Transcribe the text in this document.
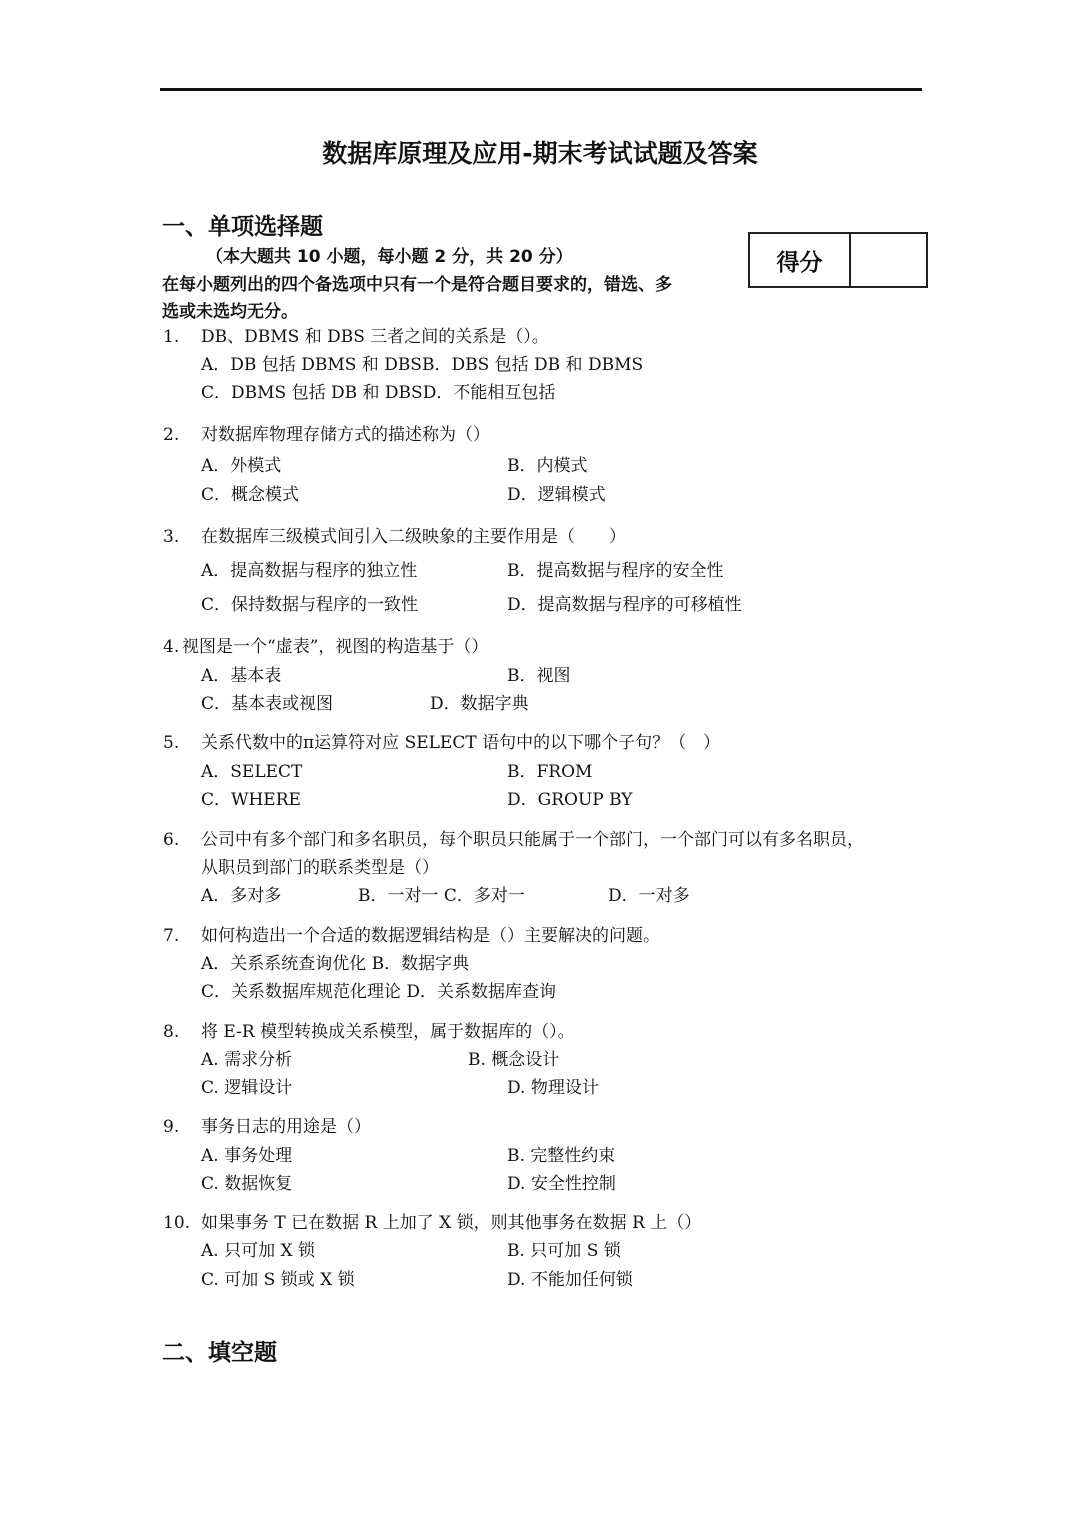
数据库原理及应用-期末考试试题及答案
一、单项选择题
（本大题共 10 小题，每小题 2 分，共 20 分）
在每小题列出的四个备选项中只有一个是符合题目要求的，错选、多
选或未选均无分。
得分
1. DB、DBMS 和 DBS 三者之间的关系是（）。
A．DB 包括 DBMS 和 DBSB．DBS 包括 DB 和 DBMS
C．DBMS 包括 DB 和 DBSD．不能相互包括
2. 对数据库物理存储方式的描述称为（）
A．外模式	B．内模式
C．概念模式	D．逻辑模式
3. 在数据库三级模式间引入二级映象的主要作用是（　　）
A．提高数据与程序的独立性	B．提高数据与程序的安全性
C．保持数据与程序的一致性	D．提高数据与程序的可移植性
4. 视图是一个“虚表”，视图的构造基于（）
A．基本表	B．视图
C．基本表或视图	D．数据字典
5. 关系代数中的π运算符对应 SELECT 语句中的以下哪个子句？（　）
A．SELECT	B．FROM
C．WHERE	D．GROUP BY
6. 公司中有多个部门和多名职员，每个职员只能属于一个部门，一个部门可以有多名职员，
从职员到部门的联系类型是（）
A．多对多	B．一对一 C．多对一	D．一对多
7. 如何构造出一个合适的数据逻辑结构是（）主要解决的问题。
A．关系系统查询优化 B．数据字典
C．关系数据库规范化理论 D．关系数据库查询
8. 将 E-R 模型转换成关系模型，属于数据库的（）。
A. 需求分析	B. 概念设计
C. 逻辑设计	D. 物理设计
9. 事务日志的用途是（）
A. 事务处理	B. 完整性约束
C. 数据恢复	D. 安全性控制
10. 如果事务 T 已在数据 R 上加了 X 锁，则其他事务在数据 R 上（）
A. 只可加 X 锁	B. 只可加 S 锁
C. 可加 S 锁或 X 锁	D. 不能加任何锁
二、填空题
